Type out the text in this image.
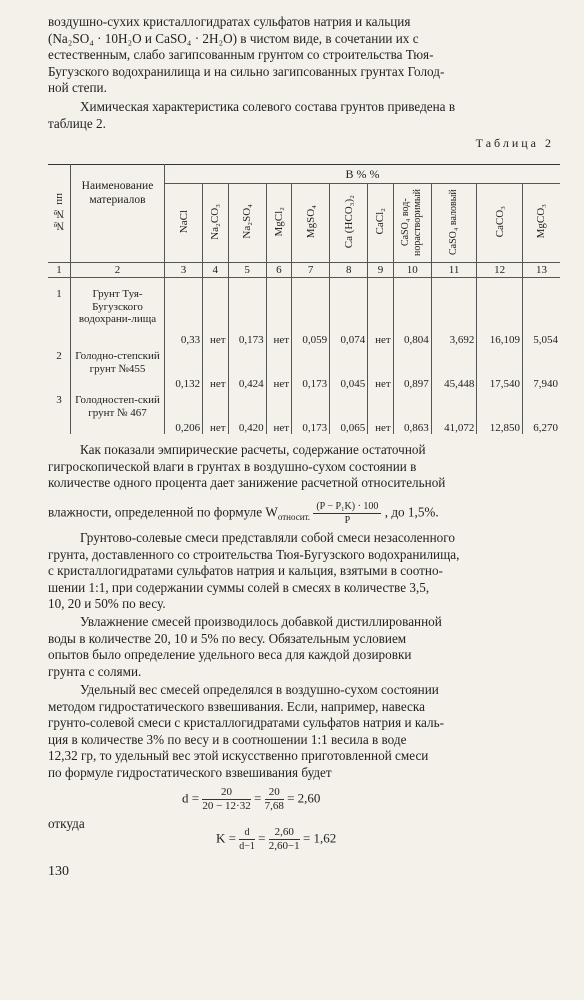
воздушно-сухих кристаллогидратах сульфатов натрия и кальция
(Na₂SO₄ · 10H₂O и CaSO₄ · 2H₂O) в чистом виде, в сочетании их с
естественным, слабо загипсованным грунтом со строительства Тюя-
Бугузского водохранилища и на сильно загипсованных грунтах Голод-
ной степи.
Химическая характеристика солевого состава грунтов приведена в
таблице 2.
Таблица 2
№№ пп	Наименование материалов	В % %										
		NaCl	Na₂CO₃	Na₂SO₄	MgCl₂	MgSO₄	Ca (HCO₃)₂	CaCl₂	CaSO₄ вод-норастворимый	CaSO₄ валовый	CaCO₃	MgCO₃
1	2	3	4	5	6	7	8	9	10	11	12	13
1	Грунт Туя-Бугузского водохрани-лища	0,33	нет	0,173	нет	0,059	0,074	нет	0,804	3,692	16,109	5,054
2	Голодно-степский грунт №455	0,132	нет	0,424	нет	0,173	0,045	нет	0,897	45,448	17,540	7,940
3	Голодностеп-ский грунт № 467	0,206	нет	0,420	нет	0,173	0,065	нет	0,863	41,072	12,850	6,270
Как показали эмпирические расчеты, содержание остаточной
гигроскопической влаги в грунтах в воздушно-сухом состоянии в
количестве одного процента дает занижение расчетной относительной
влажности, определенной по формуле $W_{относит.} \frac{\text{(P − P₁K) · 100}}{P}$ , до 1,5%.
Грунтово-солевые смеси представляли собой смеси незасоленного
грунта, доставленного со строительства Тюя-Бугузского водохранилища,
с кристаллогидратами сульфатов натрия и кальция, взятыми в соотно-
шении 1:1, при содержании суммы солей в смесях в количестве 3,5,
10, 20 и 50% по весу.
Увлажнение смесей производилось добавкой дистиллированной
воды в количестве 20, 10 и 5% по весу. Обязательным условием
опытов было определение удельного веса для каждой дозировки
грунта с солями.
Удельный вес смесей определялся в воздушно-сухом состоянии
методом гидростатического взвешивания. Если, например, навеска
грунто-солевой смеси с кристаллогидратами сульфатов натрия и каль-
ция в количестве 3% по весу и в соотношении 1:1 весила в воде
12,32 гр, то удельный вес этой искусственно приготовленной смеси
по формуле гидростатического взвешивания будет
$d = \frac{20}{20 - 12\cdot 32} = \frac{20}{7,68} = 2,60$
откуда
$K = \frac{d}{d-1} = \frac{2,60}{2,60-1} = 1,62$
130
